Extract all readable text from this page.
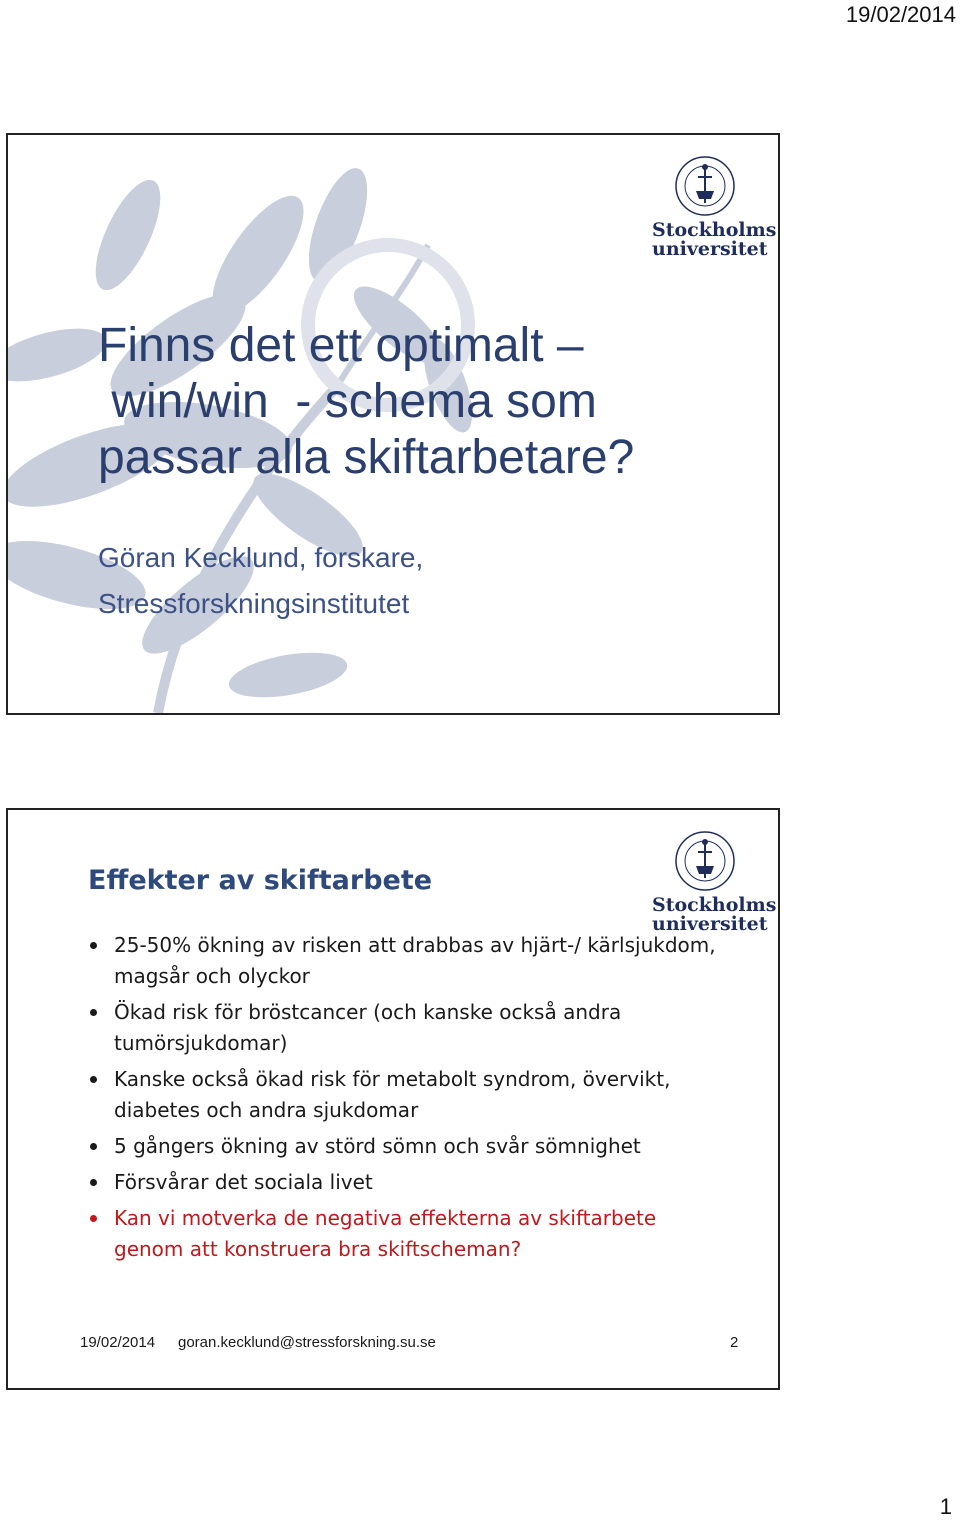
19/02/2014
Stockholms
universitet
Finns det ett optimalt –
win/win  - schema som
passar alla skiftarbetare?
Göran Kecklund, forskare,
Stressforskningsinstitutet
Stockholms
universitet
Effekter av skiftarbete
25-50% ökning av risken att drabbas av hjärt-/ kärlsjukdom, magsår och olyckor
Ökad risk för bröstcancer (och kanske också andra tumörsjukdomar)
Kanske också ökad risk för metabolt syndrom, övervikt, diabetes och andra sjukdomar
5 gångers ökning av störd sömn och svår sömnighet
Försvårar det sociala livet
Kan vi motverka de negativa effekterna av skiftarbete genom att konstruera bra skiftscheman?
19/02/2014 goran.kecklund@stressforskning.su.se	2
1
